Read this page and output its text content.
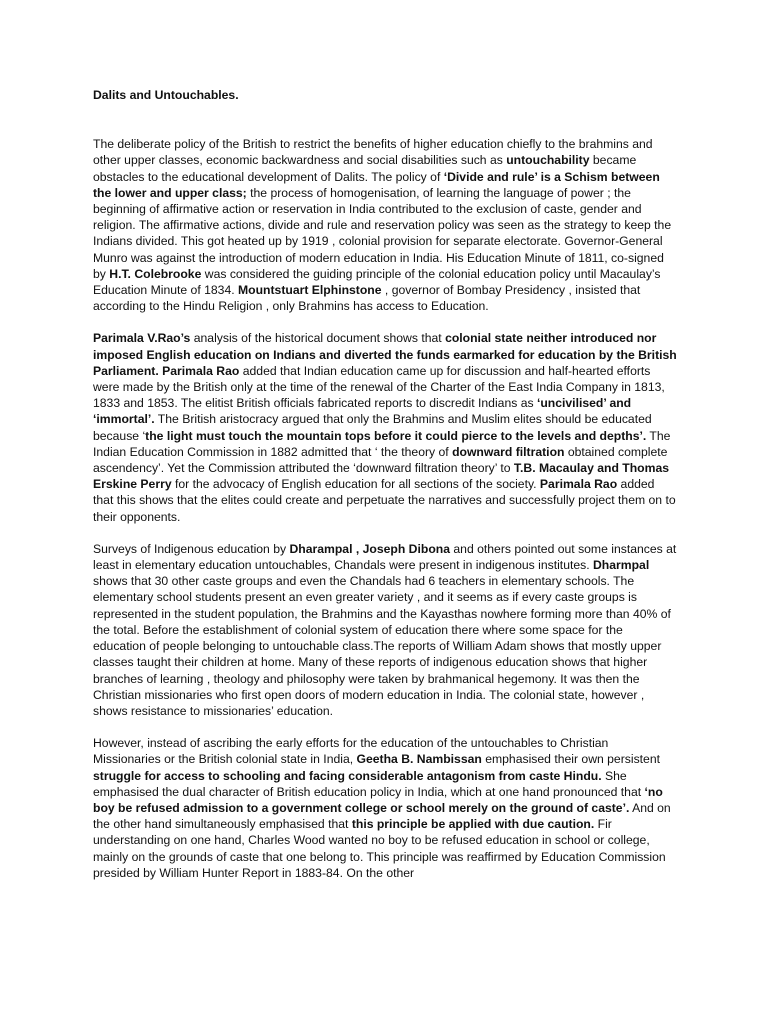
Dalits and Untouchables.

The deliberate policy of the British to restrict the benefits of higher education chiefly to the brahmins and other upper classes, economic backwardness and social disabilities such as untouchability became obstacles to the educational development of Dalits. The policy of ‘Divide and rule’ is a Schism between the lower and upper class; the process of homogenisation, of learning the language of power ; the beginning of affirmative action or reservation in India contributed to the exclusion of caste, gender and religion. The affirmative actions, divide and rule and reservation policy was seen as the strategy to keep the Indians divided. This got heated up by 1919 , colonial provision for separate electorate. Governor-General Munro was against the introduction of modern education in India. His Education Minute of 1811, co-signed by H.T. Colebrooke was considered the guiding principle of the colonial education policy until Macaulay’s Education Minute of 1834. Mountstuart Elphinstone , governor of Bombay Presidency , insisted that according to the Hindu Religion , only Brahmins has access to Education.

Parimala V.Rao’s analysis of the historical document shows that colonial state neither introduced nor imposed English education on Indians and diverted the funds earmarked for education by the British Parliament. Parimala Rao added that Indian education came up for discussion and half-hearted efforts were made by the British only at the time of the renewal of the Charter of the East India Company in 1813, 1833 and 1853. The elitist British officials fabricated reports to discredit Indians as ‘uncivilised’ and ‘immortal’. The British aristocracy argued that only the Brahmins and Muslim elites should be educated because ‘the light must touch the mountain tops before it could pierce to the levels and depths’. The Indian Education Commission in 1882 admitted that ‘ the theory of downward filtration obtained complete ascendency’. Yet the Commission attributed the ‘downward filtration theory’ to T.B. Macaulay and Thomas Erskine Perry for the advocacy of English education for all sections of the society. Parimala Rao added that this shows that the elites could create and perpetuate the narratives and successfully project them on to their opponents.

Surveys of Indigenous education by Dharampal , Joseph Dibona and others pointed out some instances at least in elementary education untouchables, Chandals were present in indigenous institutes. Dharmpal shows that 30 other caste groups and even the Chandals had 6 teachers in elementary schools. The elementary school students present an even greater variety , and it seems as if every caste groups is represented in the student population, the Brahmins and the Kayasthas nowhere forming more than 40% of the total. Before the establishment of colonial system of education there where some space for the education of people belonging to untouchable class.The reports of William Adam shows that mostly upper classes taught their children at home. Many of these reports of indigenous education shows that higher branches of learning , theology and philosophy were taken by brahmanical hegemony. It was then the Christian missionaries who first open doors of modern education in India. The colonial state, however , shows resistance to missionaries’ education.

However, instead of ascribing the early efforts for the education of the untouchables to Christian Missionaries or the British colonial state in India, Geetha B. Nambissan emphasised their own persistent struggle for access to schooling and facing considerable antagonism from caste Hindu. She emphasised the dual character of British education policy in India, which at one hand pronounced that ‘no boy be refused admission to a government college or school merely on the ground of caste’. And on the other hand simultaneously emphasised that this principle be applied with due caution. Fir understanding on one hand, Charles Wood wanted no boy to be refused education in school or college, mainly on the grounds of caste that one belong to. This principle was reaffirmed by Education Commission presided by William Hunter Report in 1883-84. On the other
